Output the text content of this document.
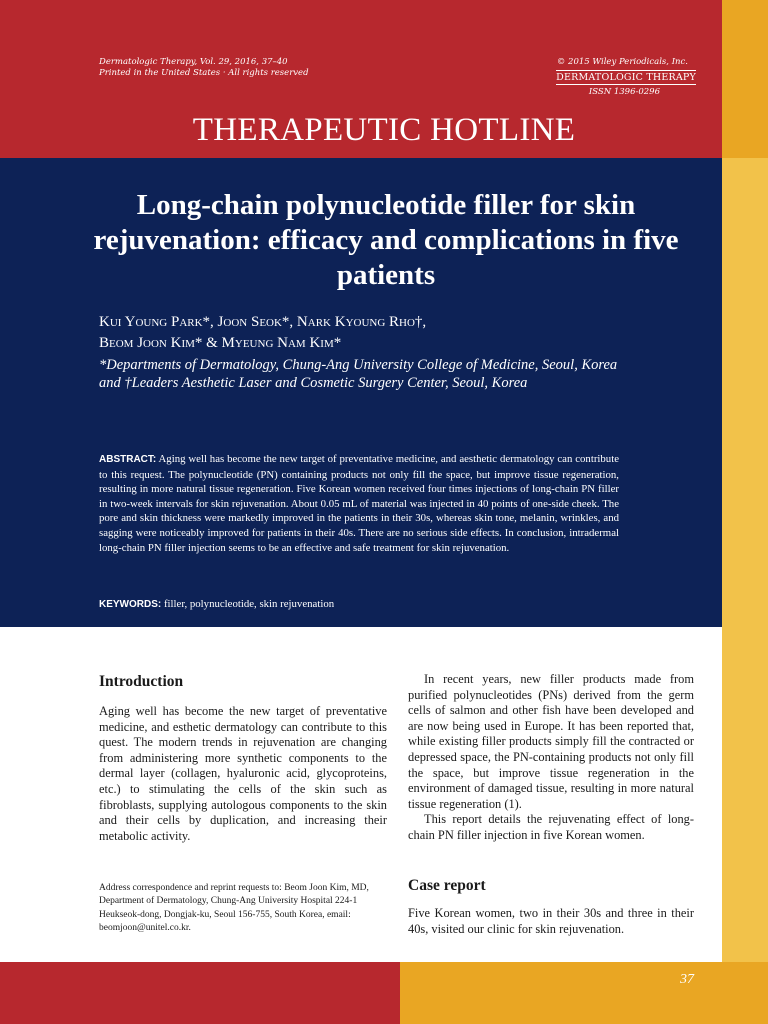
Dermatologic Therapy, Vol. 29, 2016, 37–40
Printed in the United States · All rights reserved
© 2015 Wiley Periodicals, Inc.
DERMATOLOGIC THERAPY
ISSN 1396-0296
THERAPEUTIC HOTLINE
Long-chain polynucleotide filler for skin rejuvenation: efficacy and complications in five patients
Kui Young Park*, Joon Seok*, Nark Kyoung Rho†,
Beom Joon Kim* & Myeung Nam Kim*
*Departments of Dermatology, Chung-Ang University College of Medicine, Seoul, Korea and †Leaders Aesthetic Laser and Cosmetic Surgery Center, Seoul, Korea
ABSTRACT: Aging well has become the new target of preventative medicine, and aesthetic dermatology can contribute to this request. The polynucleotide (PN) containing products not only fill the space, but improve tissue regeneration, resulting in more natural tissue regeneration. Five Korean women received four times injections of long-chain PN filler in two-week intervals for skin rejuvenation. About 0.05 mL of material was injected in 40 points of one-side cheek. The pore and skin thickness were markedly improved in the patients in their 30s, whereas skin tone, melanin, wrinkles, and sagging were noticeably improved for patients in their 40s. There are no serious side effects. In conclusion, intradermal long-chain PN filler injection seems to be an effective and safe treatment for skin rejuvenation.
KEYWORDS: filler, polynucleotide, skin rejuvenation
Introduction

Aging well has become the new target of preventative medicine, and esthetic dermatology can contribute to this quest. The modern trends in rejuvenation are changing from administering more synthetic components to the dermal layer (collagen, hyaluronic acid, glycoproteins, etc.) to stimulating the cells of the skin such as fibroblasts, supplying autologous components to the skin and their cells by duplication, and increasing their metabolic activity.

Address correspondence and reprint requests to: Beom Joon Kim, MD, Department of Dermatology, Chung-Ang University Hospital 224-1 Heukseok-dong, Dongjak-ku, Seoul 156-755, South Korea, email: beomjoon@unitel.co.kr.

In recent years, new filler products made from purified polynucleotides (PNs) derived from the germ cells of salmon and other fish have been developed and are now being used in Europe. It has been reported that, while existing filler products simply fill the contracted or depressed space, the PN-containing products not only fill the space, but improve tissue regeneration in the environment of damaged tissue, resulting in more natural tissue regeneration (1).

This report details the rejuvenating effect of long-chain PN filler injection in five Korean women.

Case report
Five Korean women, two in their 30s and three in their 40s, visited our clinic for skin rejuvenation.
37
